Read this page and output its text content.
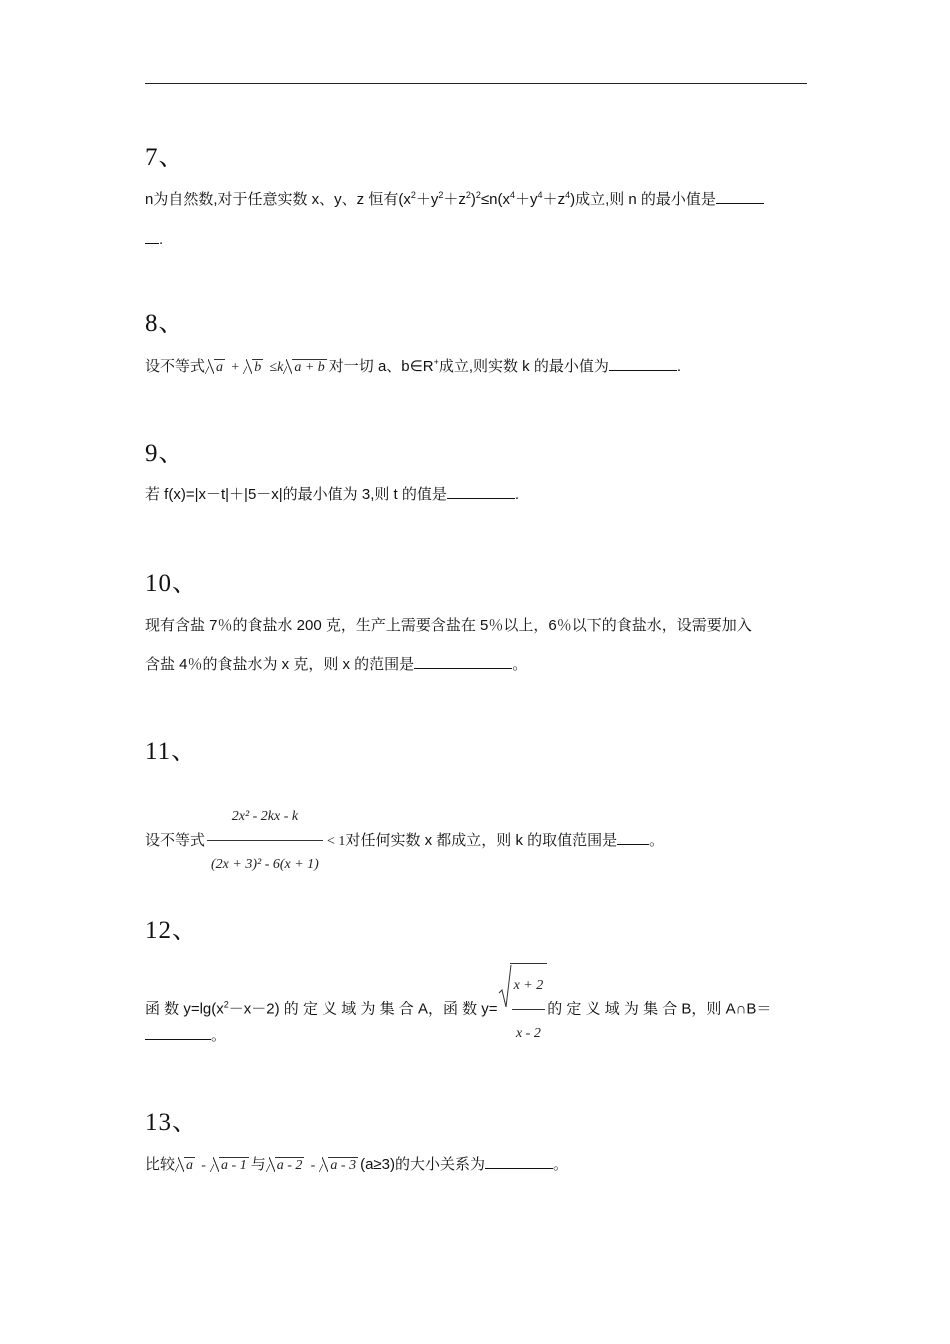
7、
n为自然数,对于任意实数 x、y、z 恒有$(x^2+y^2+z^2)^2\le n(x^4+y^4+z^4)$成立,则 n 的最小值是
.
8、
设不等式 a + b ≤k a + b 对一切 a、b∈R+成立,则实数 k 的最小值为	.
9、
若 f(x)=|x－t|＋|5－x|的最小值为 3,则 t 的值是	.
10、
现有含盐 7％的食盐水 200 克，生产上需要含盐在 5％以上，6％以下的食盐水，设需要加入
含盐 4％的食盐水为 x 克，则 x 的范围是	。
11、
设不等式 $\frac{\text{2x² - 2kx - k}}{\text{(2x + 3)² - 6(x + 1)}} < 1$对任何实数 x 都成立，则 k 的取值范围是 。
12、
函 数 $y=\lg(x^2-x-2)$ 的 定 义 域 为 集 合 A，函 数 $y= \frac{x + 2}{x - 2}$ 的 定 义 域 为 集 合 B，则 A∩B＝
。
13、
比较 a - a - 1 与 a - 2 - a - 3 (a≥3)的大小关系为	。
